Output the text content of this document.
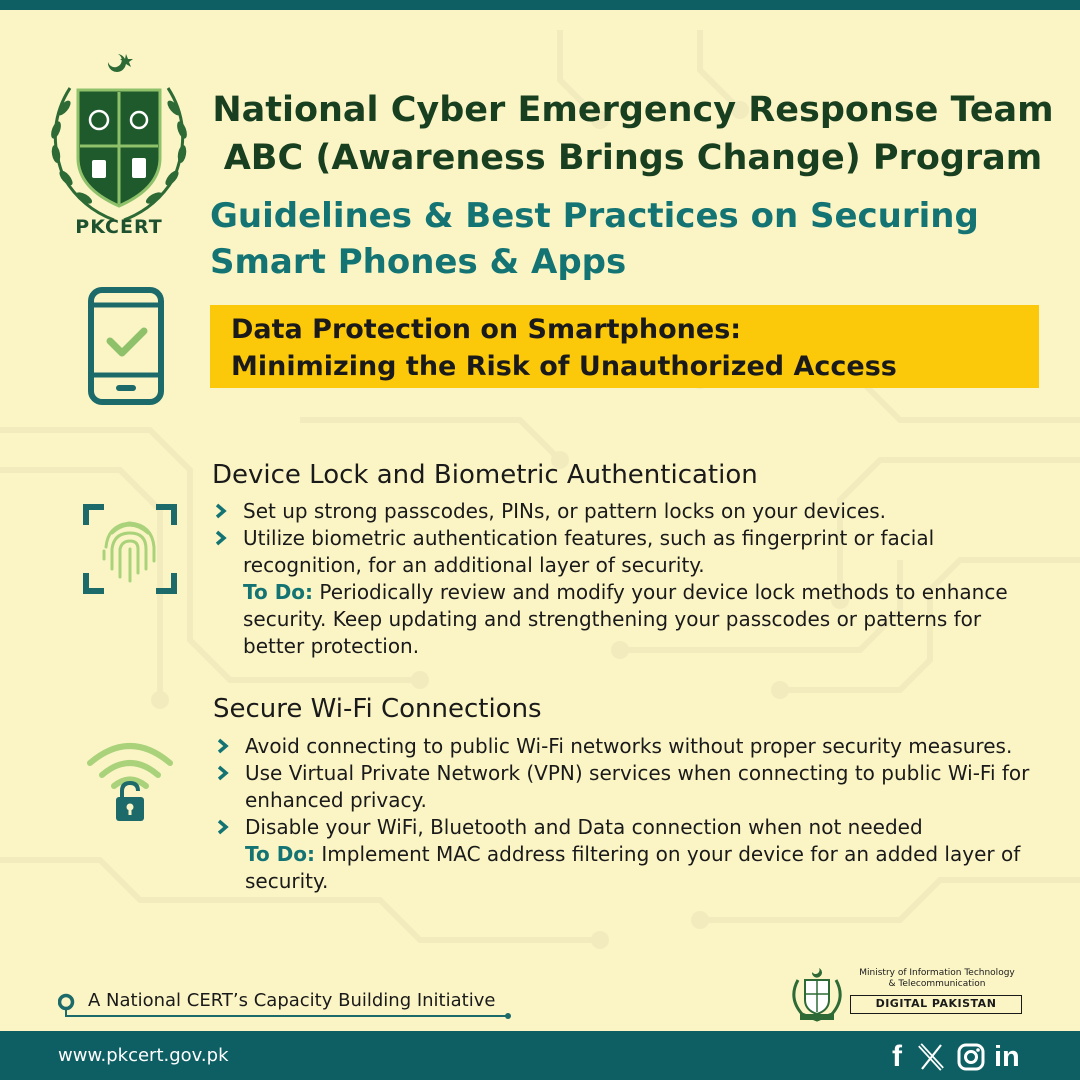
PKCERT
National Cyber Emergency Response Team
ABC (Awareness Brings Change) Program
Guidelines & Best Practices on Securing
Smart Phones & Apps
Data Protection on Smartphones:
Minimizing the Risk of Unauthorized Access
Device Lock and Biometric Authentication
Set up strong passcodes, PINs, or pattern locks on your devices.
Utilize biometric authentication features, such as fingerprint or facial recognition, for an additional layer of security.
To Do: Periodically review and modify your device lock methods to enhance security. Keep updating and strengthening your passcodes or patterns for better protection.
Secure Wi-Fi Connections
Avoid connecting to public Wi-Fi networks without proper security measures.
Use Virtual Private Network (VPN) services when connecting to public Wi-Fi for enhanced privacy.
Disable your WiFi, Bluetooth and Data connection when not needed
To Do: Implement MAC address filtering on your device for an added layer of security.
A National CERT’s Capacity Building Initiative
Ministry of Information Technology
& Telecommunication
DIGITAL PAKISTAN
www.pkcert.gov.pk	f	in
